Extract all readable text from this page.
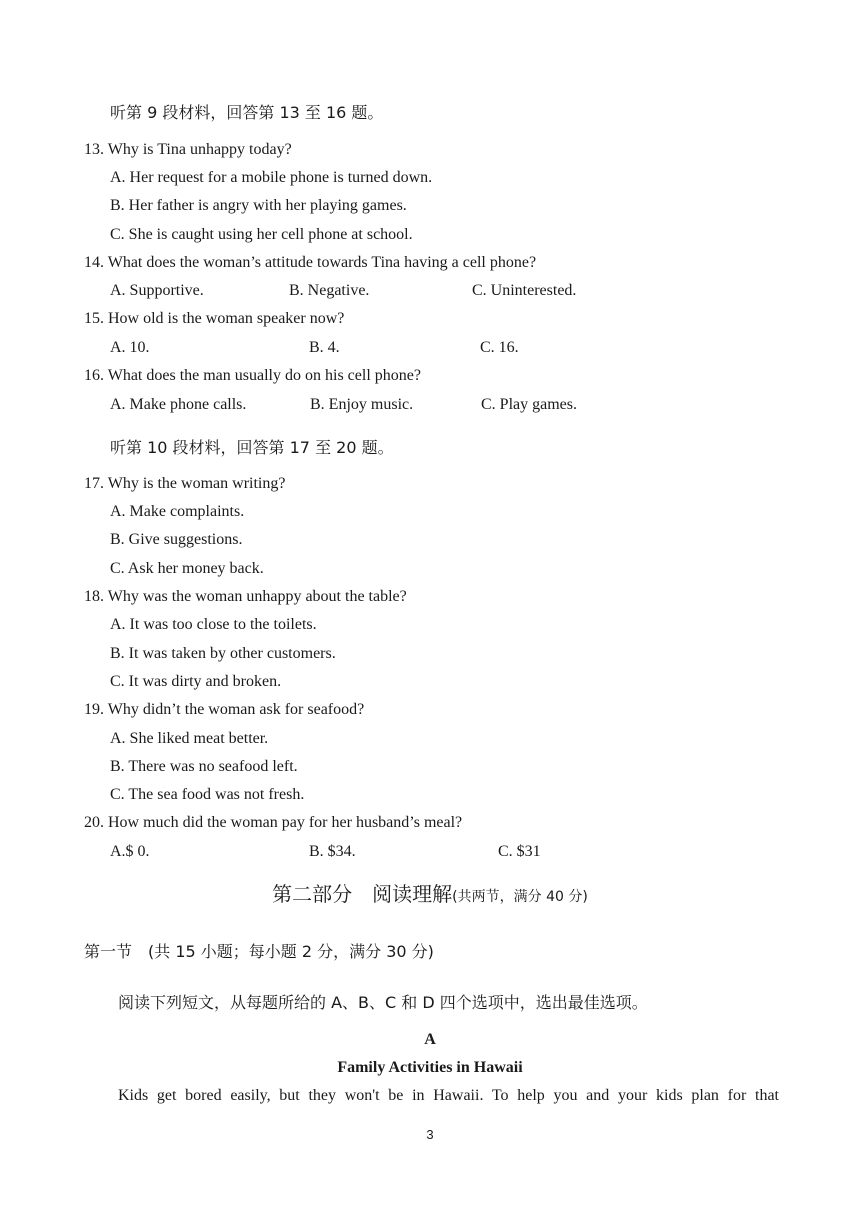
听第 9 段材料，回答第 13 至 16 题。
13. Why is Tina unhappy today?
A. Her request for a mobile phone is turned down.
B. Her father is angry with her playing games.
C. She is caught using her cell phone at school.
14. What does the woman’s attitude towards Tina having a cell phone?
A. Supportive.	B. Negative.	C. Uninterested.
15. How old is the woman speaker now?
A. 10.	B. 4.	C. 16.
16. What does the man usually do on his cell phone?
A. Make phone calls.	B. Enjoy music.	C. Play games.
听第 10 段材料，回答第 17 至 20 题。
17. Why is the woman writing?
A. Make complaints.
B. Give suggestions.
C. Ask her money back.
18. Why was the woman unhappy about the table?
A. It was too close to the toilets.
B. It was taken by other customers.
C. It was dirty and broken.
19. Why didn’t the woman ask for seafood?
A. She liked meat better.
B. There was no seafood left.
C. The sea food was not fresh.
20. How much did the woman pay for her husband’s meal?
A.$ 0.	B. $34.	C. $31
第二部分　阅读理解(共两节，满分 40 分)
第一节　(共 15 小题；每小题 2 分，满分 30 分)
阅读下列短文，从每题所给的 A、B、C 和 D 四个选项中，选出最佳选项。
A
Family Activities in Hawaii
Kids get bored easily, but they won't be in Hawaii. To help you and your kids plan for that
3
